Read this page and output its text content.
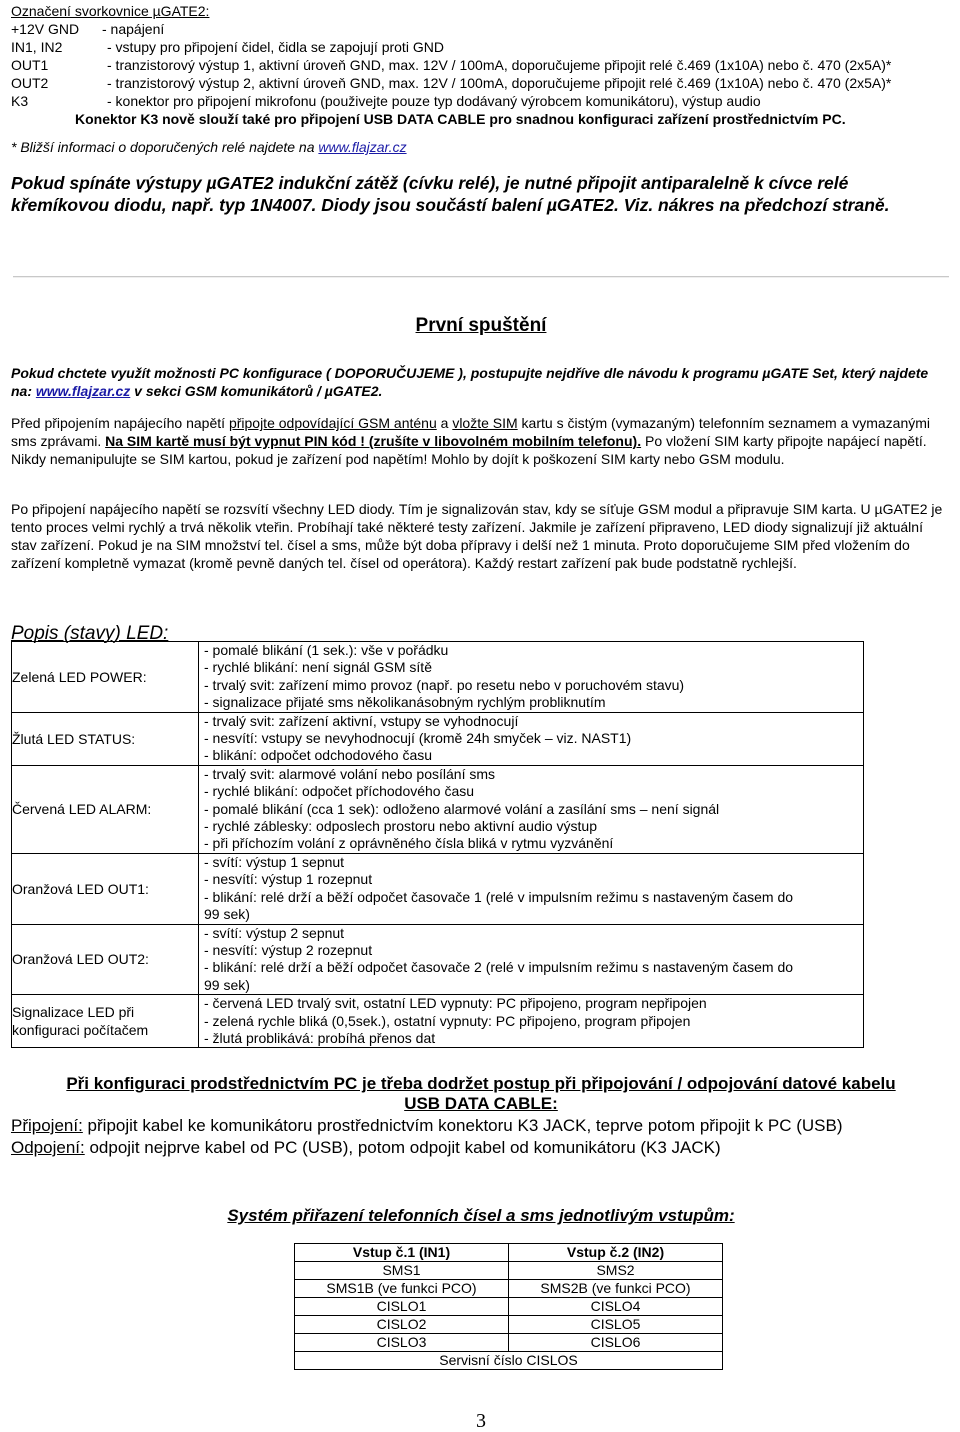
Označení svorkovnice µGATE2:
+12V GND	- napájení
IN1, IN2	- vstupy pro připojení čidel, čidla se zapojují proti GND
OUT1	- tranzistorový výstup 1, aktivní úroveň GND, max. 12V / 100mA, doporučujeme připojit relé č.469 (1x10A) nebo č. 470 (2x5A)*
OUT2	- tranzistorový výstup 2, aktivní úroveň GND, max. 12V / 100mA, doporučujeme připojit relé č.469 (1x10A) nebo č. 470 (2x5A)*
K3	- konektor pro připojení mikrofonu (použivejte pouze typ dodávaný výrobcem komunikátoru), výstup audio
Konektor K3 nově slouží také pro připojení USB DATA CABLE pro snadnou konfiguraci zařízení prostřednictvím PC.
* Bližší informaci o doporučených relé najdete na www.flajzar.cz
Pokud spínáte výstupy µGATE2 indukční zátěž (cívku relé), je nutné připojit antiparalelně k cívce relé křemíkovou diodu, např. typ 1N4007. Diody jsou součástí balení µGATE2. Viz. nákres na předchozí straně.
První spuštění
Pokud chctete využít možnosti PC konfigurace ( DOPORUČUJEME ), postupujte nejdříve dle návodu k programu µGATE Set, který najdete na: www.flajzar.cz v sekci GSM komunikátorů / µGATE2.
Před připojením napájecího napětí připojte odpovídající GSM anténu a vložte SIM kartu s čistým (vymazaným) telefonním seznamem a vymazanými sms zprávami. Na SIM kartě musí být vypnut PIN kód ! (zrušíte v libovolném mobilním telefonu). Po vložení SIM karty připojte napájecí napětí. Nikdy nemanipulujte se SIM kartou, pokud je zařízení pod napětím! Mohlo by dojít k poškození SIM karty nebo GSM modulu.
Po připojení napájecího napětí se rozsvítí všechny LED diody. Tím je signalizován stav, kdy se síťuje GSM modul a připravuje SIM karta. U µGATE2 je tento proces velmi rychlý a trvá několik vteřin. Probíhají také některé testy zařízení. Jakmile je zařízení připraveno, LED diody signalizují již aktuální stav zařízení. Pokud je na SIM množství tel. čísel a sms, může být doba přípravy i delší než 1 minuta. Proto doporučujeme SIM před vložením do zařízení kompletně vymazat (kromě pevně daných tel. čísel od operátora). Každý restart zařízení pak bude podstatně rychlejší.
Popis (stavy) LED:
Zelená LED POWER:	- pomalé blikání (1 sek.): vše v pořádku
- rychlé blikání: není signál GSM sítě
- trvalý svit: zařízení mimo provoz (např. po resetu nebo v poruchovém stavu)
- signalizace přijaté sms několikanásobným rychlým probliknutím

Žlutá LED STATUS:	- trvalý svit: zařízení aktivní, vstupy se vyhodnocují
- nesvítí: vstupy se nevyhodnocují (kromě 24h smyček – viz. NAST1)
- blikání: odpočet odchodového času

Červená LED ALARM:	- trvalý svit: alarmové volání nebo posílání sms
- rychlé blikání: odpočet příchodového času
- pomalé blikání (cca 1 sek): odloženo alarmové volání a zasílání sms – není signál
- rychlé záblesky: odposlech prostoru nebo aktivní audio výstup
- při příchozím volání z oprávněného čísla bliká v rytmu vyzvánění

Oranžová LED OUT1:	- svítí: výstup 1 sepnut
- nesvítí: výstup 1 rozepnut
- blikání: relé drží a běží odpočet časovače 1 (relé v impulsním režimu s nastaveným časem do
99 sek)

Oranžová LED OUT2:	- svítí: výstup 2 sepnut
- nesvítí: výstup 2 rozepnut
- blikání: relé drží a běží odpočet časovače 2 (relé v impulsním režimu s nastaveným časem do
99 sek)

Signalizace LED při konfiguraci počítačem	- červená LED trvalý svit, ostatní LED vypnuty: PC připojeno, program nepřipojen
- zelená rychle bliká (0,5sek.), ostatní vypnuty: PC připojeno, program připojen
- žlutá problikává: probíhá přenos dat
Při konfiguraci prodstřednictvím PC je třeba dodržet postup při připojování / odpojování datové kabelu
USB DATA CABLE:
Připojení: připojit kabel ke komunikátoru prostřednictvím konektoru K3 JACK, teprve potom připojit k PC (USB)
Odpojení: odpojit nejprve kabel od PC (USB), potom odpojit kabel od komunikátoru (K3 JACK)
Systém přiřazení telefonních čísel a sms jednotlivým vstupům:
Vstup č.1 (IN1)	Vstup č.2 (IN2)
SMS1	SMS2
SMS1B (ve funkci PCO)	SMS2B (ve funkci PCO)
CISLO1	CISLO4
CISLO2	CISLO5
CISLO3	CISLO6
Servisní číslo CISLOS	
3
